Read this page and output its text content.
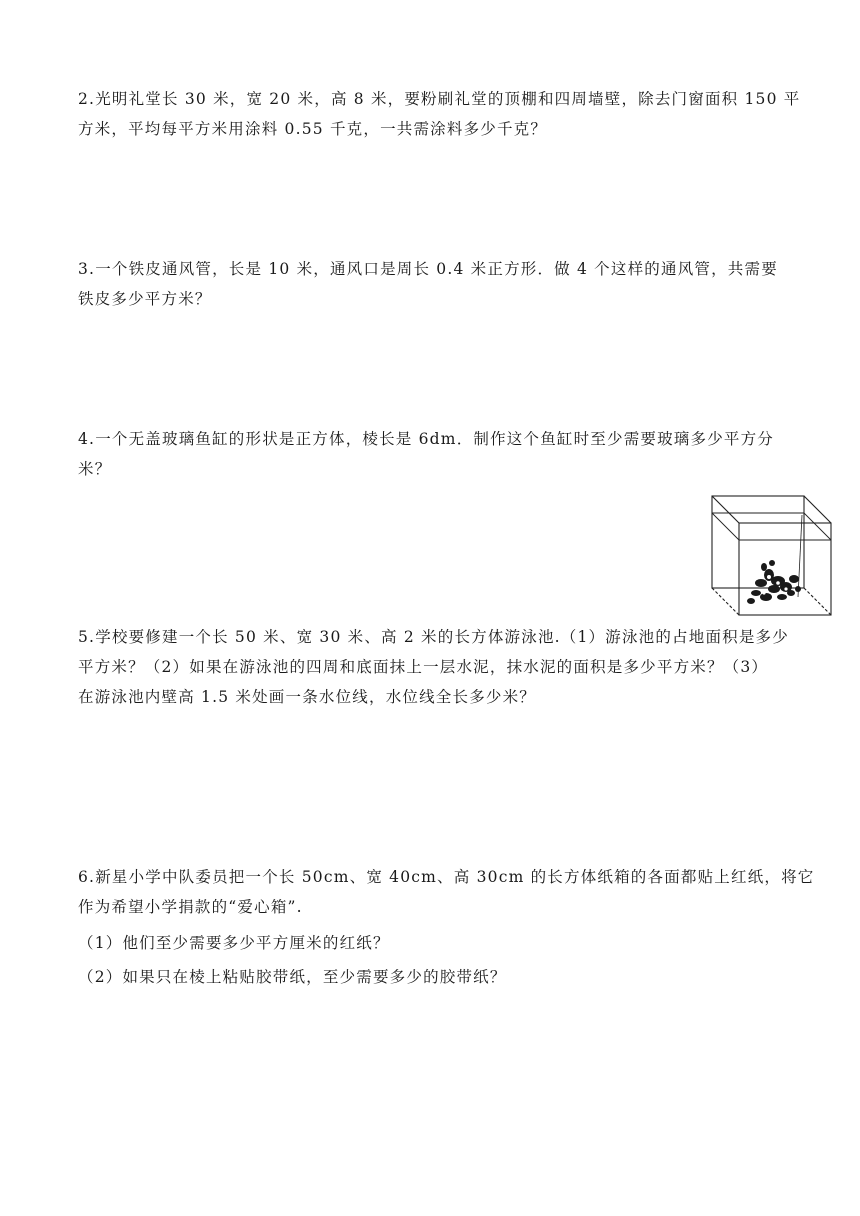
2.光明礼堂长 30 米，宽 20 米，高 8 米，要粉刷礼堂的顶棚和四周墙壁，除去门窗面积 150 平
方米，平均每平方米用涂料 0.55 千克，一共需涂料多少千克？
3.一个铁皮通风管，长是 10 米，通风口是周长 0.4 米正方形．做 4 个这样的通风管，共需要
铁皮多少平方米？
4.一个无盖玻璃鱼缸的形状是正方体，棱长是 6dm．制作这个鱼缸时至少需要玻璃多少平方分
米？
5.学校要修建一个长 50 米、宽 30 米、高 2 米的长方体游泳池.（1）游泳池的占地面积是多少
平方米？（2）如果在游泳池的四周和底面抹上一层水泥，抹水泥的面积是多少平方米？（3）
在游泳池内壁高 1.5 米处画一条水位线，水位线全长多少米？
6.新星小学中队委员把一个长 50cm、宽 40cm、高 30cm 的长方体纸箱的各面都贴上红纸，将它
作为希望小学捐款的“爱心箱”.

（1）他们至少需要多少平方厘米的红纸？

（2）如果只在棱上粘贴胶带纸，至少需要多少的胶带纸？
